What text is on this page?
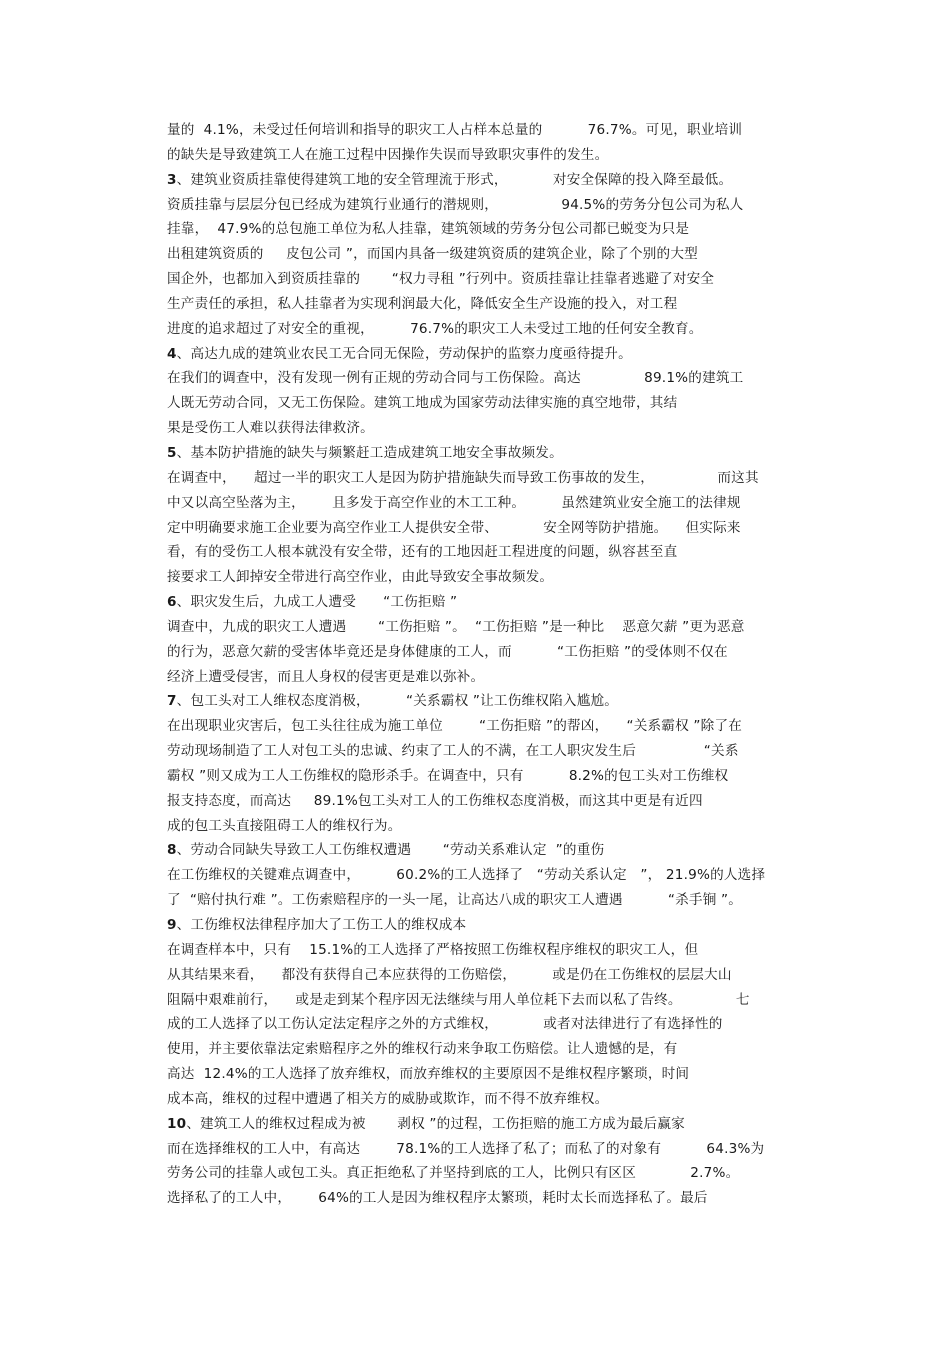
量的  4.1%，未受过任何培训和指导的职灾工人占样本总量的          76.7%。可见，职业培训
的缺失是导致建筑工人在施工过程中因操作失误而导致职灾事件的发生。
3、建筑业资质挂靠使得建筑工地的安全管理流于形式，          对安全保障的投入降至最低。
资质挂靠与层层分包已经成为建筑行业通行的潜规则，              94.5%的劳务分包公司为私人
挂靠，  47.9%的总包施工单位为私人挂靠，建筑领域的劳务分包公司都已蜕变为只是
出租建筑资质的     皮包公司 ”，而国内具备一级建筑资质的建筑企业，除了个别的大型
国企外，也都加入到资质挂靠的       “权力寻租 ”行列中。资质挂靠让挂靠者逃避了对安全
生产责任的承担，私人挂靠者为实现利润最大化，降低安全生产设施的投入，对工程
进度的追求超过了对安全的重视，        76.7%的职灾工人未受过工地的任何安全教育。
4、高达九成的建筑业农民工无合同无保险，劳动保护的监察力度亟待提升。
在我们的调查中，没有发现一例有正规的劳动合同与工伤保险。高达              89.1%的建筑工
人既无劳动合同，又无工伤保险。建筑工地成为国家劳动法律实施的真空地带，其结
果是受伤工人难以获得法律救济。
5、基本防护措施的缺失与频繁赶工造成建筑工地安全事故频发。
在调查中，    超过一半的职灾工人是因为防护措施缺失而导致工伤事故的发生，              而这其
中又以高空坠落为主，      且多发于高空作业的木工工种。        虽然建筑业安全施工的法律规
定中明确要求施工企业要为高空作业工人提供安全带、          安全网等防护措施。    但实际来
看，有的受伤工人根本就没有安全带，还有的工地因赶工程进度的问题，纵容甚至直
接要求工人卸掉安全带进行高空作业，由此导致安全事故频发。
6、职灾发生后，九成工人遭受      “工伤拒赔 ”
调查中，九成的职灾工人遭遇       “工伤拒赔 ”。  “工伤拒赔 ”是一种比    恶意欠薪 ”更为恶意
的行为，恶意欠薪的受害体毕竟还是身体健康的工人，而          “工伤拒赔 ”的受体则不仅在
经济上遭受侵害，而且人身权的侵害更是难以弥补。
7、包工头对工人维权态度消极，        “关系霸权 ”让工伤维权陷入尴尬。
在出现职业灾害后，包工头往往成为施工单位        “工伤拒赔 ”的帮凶，    “关系霸权 ”除了在
劳动现场制造了工人对包工头的忠诚、约束了工人的不满，在工人职灾发生后               “关系
霸权 ”则又成为工人工伤维权的隐形杀手。在调查中，只有          8.2%的包工头对工伤维权
报支持态度，而高达     89.1%包工头对工人的工伤维权态度消极，而这其中更是有近四
成的包工头直接阻碍工人的维权行为。
8、劳动合同缺失导致工人工伤维权遭遇       “劳动关系难认定  ”的重伤
在工伤维权的关键难点调查中，        60.2%的工人选择了   “劳动关系认定   ”， 21.9%的人选择
了  “赔付执行难 ”。工伤索赔程序的一头一尾，让高达八成的职灾工人遭遇          “杀手锏 ”。
9、工伤维权法律程序加大了工伤工人的维权成本
在调查样本中，只有    15.1%的工人选择了严格按照工伤维权程序维权的职灾工人，但
从其结果来看，    都没有获得自己本应获得的工伤赔偿，        或是仍在工伤维权的层层大山
阻隔中艰难前行，    或是走到某个程序因无法继续与用人单位耗下去而以私了告终。            七
成的工人选择了以工伤认定法定程序之外的方式维权，          或者对法律进行了有选择性的
使用，并主要依靠法定索赔程序之外的维权行动来争取工伤赔偿。让人遗憾的是，有
高达  12.4%的工人选择了放弃维权，而放弃维权的主要原因不是维权程序繁琐，时间
成本高，维权的过程中遭遇了相关方的威胁或欺诈，而不得不放弃维权。
10、建筑工人的维权过程成为被       剥权 ”的过程，工伤拒赔的施工方成为最后赢家
而在选择维权的工人中，有高达        78.1%的工人选择了私了；而私了的对象有          64.3%为
劳务公司的挂靠人或包工头。真正拒绝私了并坚持到底的工人，比例只有区区            2.7%。
选择私了的工人中，      64%的工人是因为维权程序太繁琐，耗时太长而选择私了。最后
